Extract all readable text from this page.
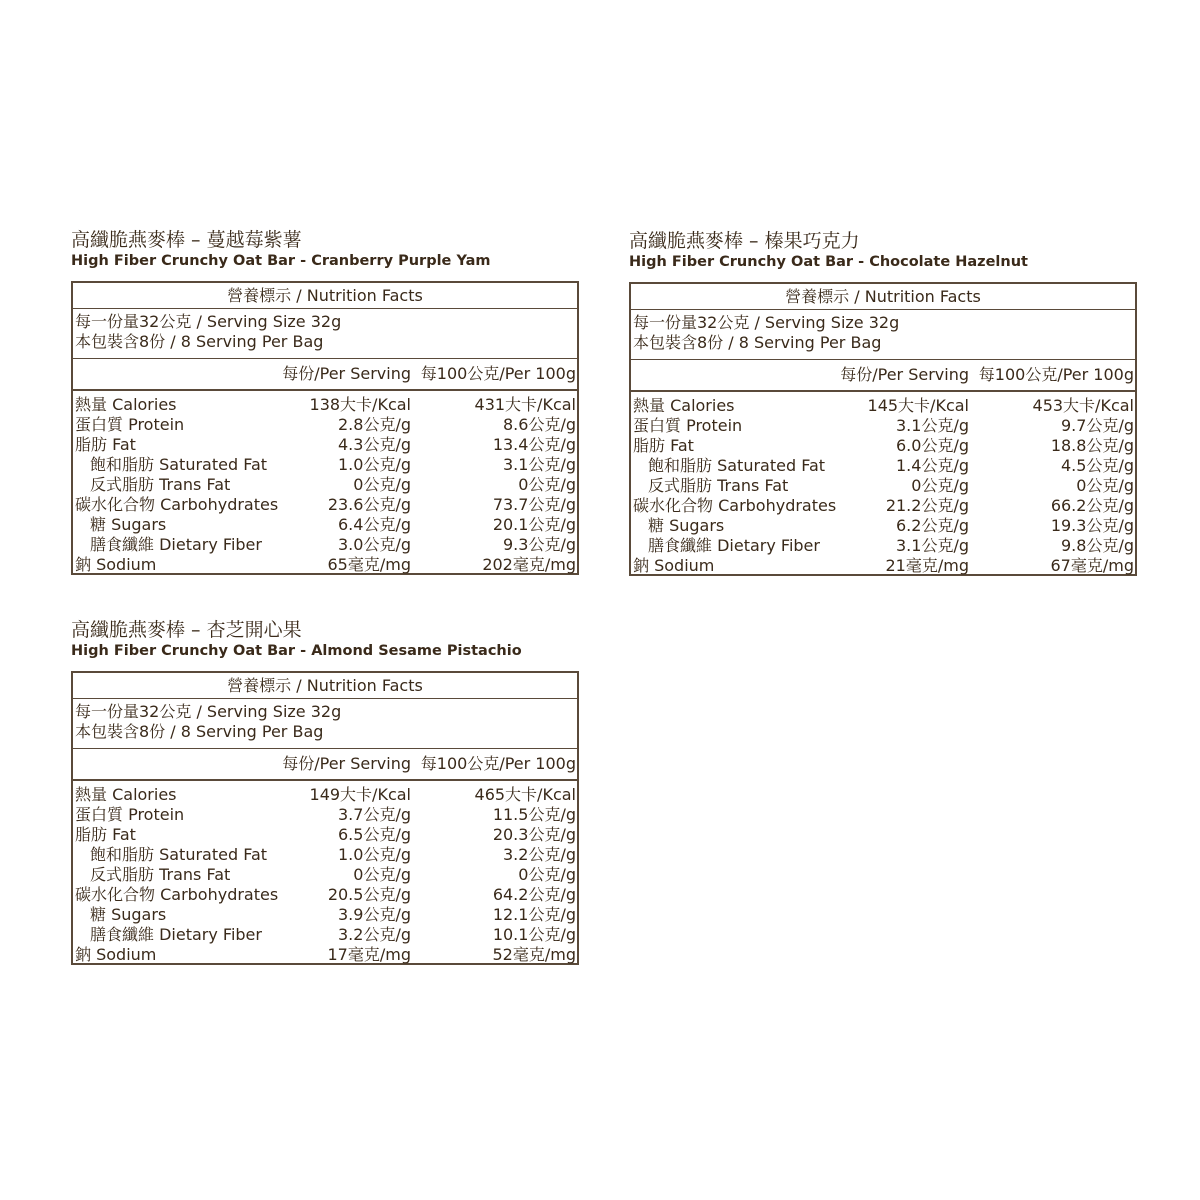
高纖脆燕麥棒 – 蔓越莓紫薯
High Fiber Crunchy Oat Bar - Cranberry Purple Yam
營養標示 / Nutrition Facts
每一份量32公克 / Serving Size 32g
本包裝含8份 / 8 Serving Per Bag
每份/Per Serving 每100公克/Per 100g
熱量 Calories	138大卡/Kcal	431大卡/Kcal
蛋白質 Protein	2.8公克/g	8.6公克/g
脂肪 Fat	4.3公克/g	13.4公克/g
飽和脂肪 Saturated Fat	1.0公克/g	3.1公克/g
反式脂肪 Trans Fat	0公克/g	0公克/g
碳水化合物 Carbohydrates	23.6公克/g	73.7公克/g
糖 Sugars	6.4公克/g	20.1公克/g
膳食纖維 Dietary Fiber	3.0公克/g	9.3公克/g
鈉 Sodium	65毫克/mg	202毫克/mg
高纖脆燕麥棒 – 榛果巧克力
High Fiber Crunchy Oat Bar - Chocolate Hazelnut
營養標示 / Nutrition Facts
每一份量32公克 / Serving Size 32g
本包裝含8份 / 8 Serving Per Bag
每份/Per Serving 每100公克/Per 100g
熱量 Calories	145大卡/Kcal	453大卡/Kcal
蛋白質 Protein	3.1公克/g	9.7公克/g
脂肪 Fat	6.0公克/g	18.8公克/g
飽和脂肪 Saturated Fat	1.4公克/g	4.5公克/g
反式脂肪 Trans Fat	0公克/g	0公克/g
碳水化合物 Carbohydrates	21.2公克/g	66.2公克/g
糖 Sugars	6.2公克/g	19.3公克/g
膳食纖維 Dietary Fiber	3.1公克/g	9.8公克/g
鈉 Sodium	21毫克/mg	67毫克/mg
高纖脆燕麥棒 – 杏芝開心果
High Fiber Crunchy Oat Bar - Almond Sesame Pistachio
營養標示 / Nutrition Facts
每一份量32公克 / Serving Size 32g
本包裝含8份 / 8 Serving Per Bag
每份/Per Serving 每100公克/Per 100g
熱量 Calories	149大卡/Kcal	465大卡/Kcal
蛋白質 Protein	3.7公克/g	11.5公克/g
脂肪 Fat	6.5公克/g	20.3公克/g
飽和脂肪 Saturated Fat	1.0公克/g	3.2公克/g
反式脂肪 Trans Fat	0公克/g	0公克/g
碳水化合物 Carbohydrates	20.5公克/g	64.2公克/g
糖 Sugars	3.9公克/g	12.1公克/g
膳食纖維 Dietary Fiber	3.2公克/g	10.1公克/g
鈉 Sodium	17毫克/mg	52毫克/mg
